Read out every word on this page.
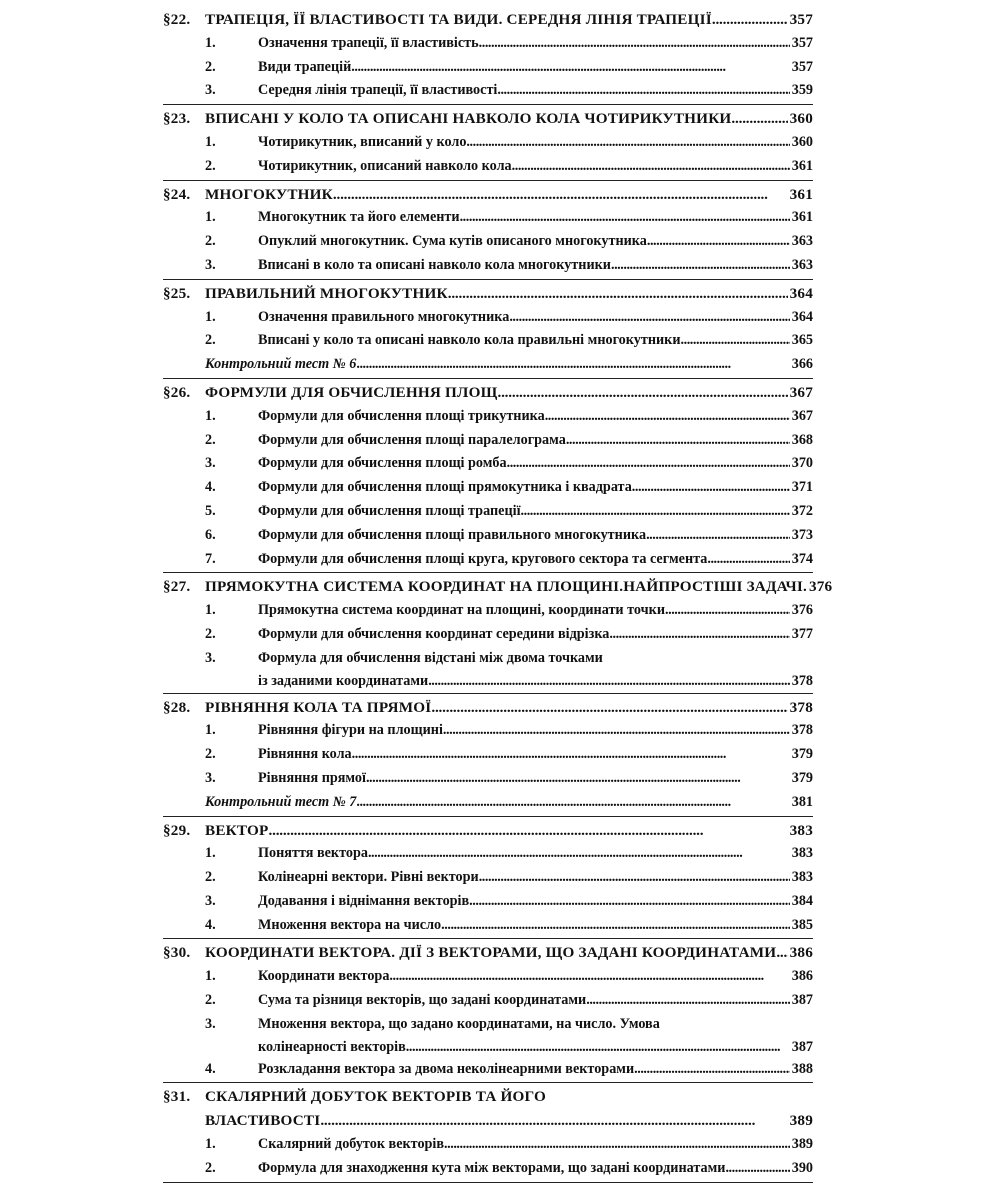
§22. ТРАПЕЦІЯ, ЇЇ ВЛАСТИВОСТІ ТА ВИДИ. СЕРЕДНЯ ЛІНІЯ ТРАПЕЦІЇ . . .	357
1.	Означення трапеції, її властивість . . .	357
2.	Види трапецій . . .	357
3.	Середня лінія трапеції, її властивості . . .	359
§23. ВПИСАНІ У КОЛО ТА ОПИСАНІ НАВКОЛО КОЛА ЧОТИРИКУТНИКИ . . .	360
1.	Чотирикутник, вписаний у коло . . .	360
2.	Чотирикутник, описаний навколо кола . . .	361
§24. МНОГОКУТНИК . . .	361
1.	Многокутник та його елементи . . .	361
2.	Опуклий многокутник. Сума кутів описаного многокутника . . .	363
3.	Вписані в коло та описані навколо кола многокутники . . .	363
§25. ПРАВИЛЬНИЙ МНОГОКУТНИК . . .	364
1.	Означення правильного многокутника . . .	364
2.	Вписані у коло та описані навколо кола правильні многокутники . . .	365
Контрольний тест № 6 . . .	366
§26. ФОРМУЛИ ДЛЯ ОБЧИСЛЕННЯ ПЛОЩ . . .	367
1.	Формули для обчислення площі трикутника . . .	367
2.	Формули для обчислення площі паралелограма . . .	368
3.	Формули для обчислення площі ромба . . .	370
4.	Формули для обчислення площі прямокутника і квадрата . . .	371
5.	Формули для обчислення площі трапеції . . .	372
6.	Формули для обчислення площі правильного многокутника . . .	373
7.	Формули для обчислення площі круга, кругового сектора та сегмента . . .	374
§27. ПРЯМОКУТНА СИСТЕМА КООРДИНАТ НА ПЛОЩИНІ.НАЙПРОСТІШІ ЗАДАЧІ . . . 376
1.	Прямокутна система координат на площині, координати точки . . .	376
2.	Формули для обчислення координат середини відрізка . . .	377
3.	Формула для обчислення відстані між двома точками
із заданими координатами . . .	378
§28. РІВНЯННЯ КОЛА ТА ПРЯМОЇ . . .	378
1.	Рівняння фігури на площині . . .	378
2.	Рівняння кола . . .	379
3.	Рівняння прямої . . .	379
Контрольний тест № 7 . . .	381
§29. ВЕКТОР . . .	383
1.	Поняття вектора . . .	383
2.	Колінеарні вектори. Рівні вектори . . .	383
3.	Додавання і віднімання векторів . . .	384
4.	Множення вектора на число . . .	385
§30. КООРДИНАТИ ВЕКТОРА. ДІЇ З ВЕКТОРАМИ, ЩО ЗАДАНІ КООРДИНАТАМИ . . . 386
1.	Координати вектора . . .	386
2.	Сума та різниця векторів, що задані координатами . . .	387
3.	Множення вектора, що задано координатами, на число. Умова
колінеарності векторів . . .	387
4.	Розкладання вектора за двома неколінеарними векторами . . .	388
§31. СКАЛЯРНИЙ ДОБУТОК ВЕКТОРІВ ТА ЙОГО
ВЛАСТИВОСТІ . . .	389
1.	Скалярний добуток векторів . . .	389
2.	Формула для знаходження кута між векторами, що задані координатами . . .	390
